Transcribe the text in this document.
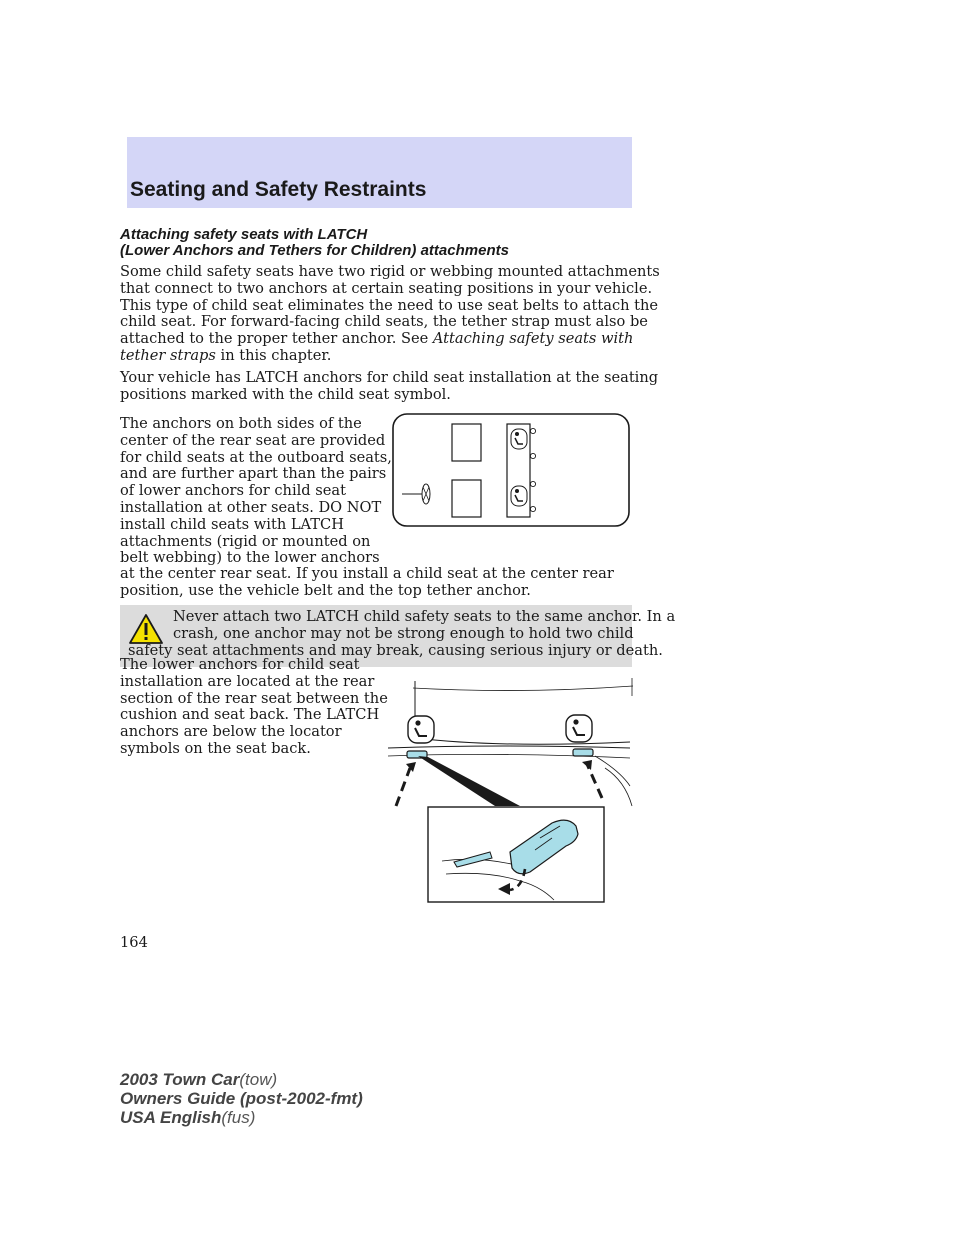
Seating and Safety Restraints
Attaching safety seats with LATCH
(Lower Anchors and Tethers for Children) attachments

Some child safety seats have two rigid or webbing mounted attachments
that connect to two anchors at certain seating positions in your vehicle.
This type of child seat eliminates the need to use seat belts to attach the
child seat. For forward-facing child seats, the tether strap must also be
attached to the proper tether anchor. See Attaching safety seats with
tether straps in this chapter.

Your vehicle has LATCH anchors for child seat installation at the seating
positions marked with the child seat symbol.

The anchors on both sides of the
center of the rear seat are provided
for child seats at the outboard seats,
and are further apart than the pairs
of lower anchors for child seat
installation at other seats. DO NOT
install child seats with LATCH
attachments (rigid or mounted on
belt webbing) to the lower anchors

at the center rear seat. If you install a child seat at the center rear
position, use the vehicle belt and the top tether anchor.

Never attach two LATCH child safety seats to the same anchor. In a
crash, one anchor may not be strong enough to hold two child
safety seat attachments and may break, causing serious injury or death.

The lower anchors for child seat
installation are located at the rear
section of the rear seat between the
cushion and seat back. The LATCH
anchors are below the locator
symbols on the seat back.

164
2003 Town Car(tow)
Owners Guide (post-2002-fmt)
USA English(fus)
